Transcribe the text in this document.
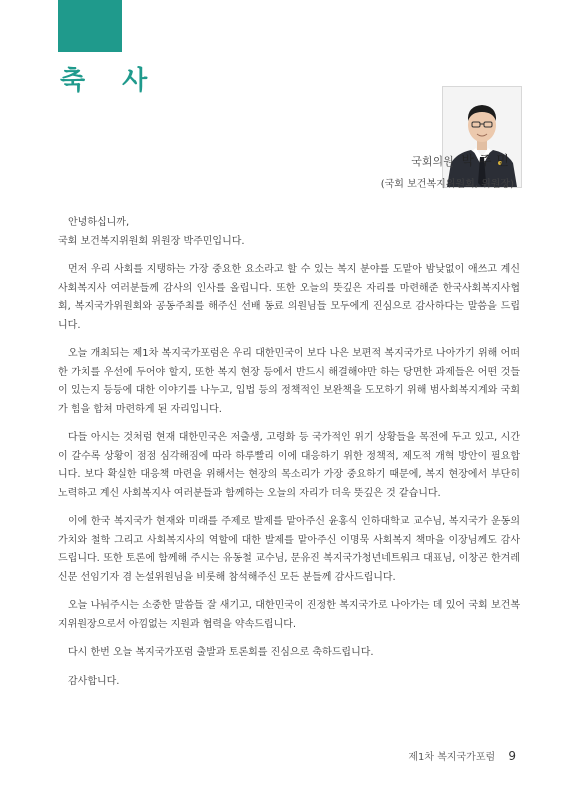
축 사
국회의원 박주민
(국회 보건복지위원회, 위원장)

안녕하십니까,
국회 보건복지위원회 위원장 박주민입니다.

먼저 우리 사회를 지탱하는 가장 중요한 요소라고 할 수 있는 복지 분야를 도맡아 밤낮없이 애쓰고 계신 사회복지사 여러분들께 감사의 인사를 올립니다. 또한 오늘의 뜻깊은 자리를 마련해준 한국사회복지사협회, 복지국가위원회와 공동주최를 해주신 선배 동료 의원님들 모두에게 진심으로 감사하다는 말씀을 드립니다.

오늘 개최되는 제1차 복지국가포럼은 우리 대한민국이 보다 나은 보편적 복지국가로 나아가기 위해 어떠한 가치를 우선에 두어야 할지, 또한 복지 현장 등에서 반드시 해결해야만 하는 당면한 과제들은 어떤 것들이 있는지 등등에 대한 이야기를 나누고, 입법 등의 정책적인 보완책을 도모하기 위해 범사회복지계와 국회가 힘을 합쳐 마련하게 된 자리입니다.

다들 아시는 것처럼 현재 대한민국은 저출생, 고령화 등 국가적인 위기 상황들을 목전에 두고 있고, 시간이 갈수록 상황이 점점 심각해짐에 따라 하루빨리 이에 대응하기 위한 정책적, 제도적 개혁 방안이 필요합니다. 보다 확실한 대응책 마련을 위해서는 현장의 목소리가 가장 중요하기 때문에, 복지 현장에서 부단히 노력하고 계신 사회복지사 여러분들과 함께하는 오늘의 자리가 더욱 뜻깊은 것 같습니다.

이에 한국 복지국가 현재와 미래를 주제로 발제를 맡아주신 윤홍식 인하대학교 교수님, 복지국가 운동의 가치와 철학 그리고 사회복지사의 역할에 대한 발제를 맡아주신 이명묵 사회복지 책마을 이장님께도 감사드립니다. 또한 토론에 함께해 주시는 유동철 교수님, 문유진 복지국가청년네트워크 대표님, 이창곤 한겨레신문 선임기자 겸 논설위원님을 비롯해 참석해주신 모든 분들께 감사드립니다.

오늘 나눠주시는 소중한 말씀들 잘 새기고, 대한민국이 진정한 복지국가로 나아가는 데 있어 국회 보건복지위원장으로서 아낌없는 지원과 협력을 약속드립니다.

다시 한번 오늘 복지국가포럼 출발과 토론회를 진심으로 축하드립니다.

감사합니다.

제1차 복지국가포럼 9
